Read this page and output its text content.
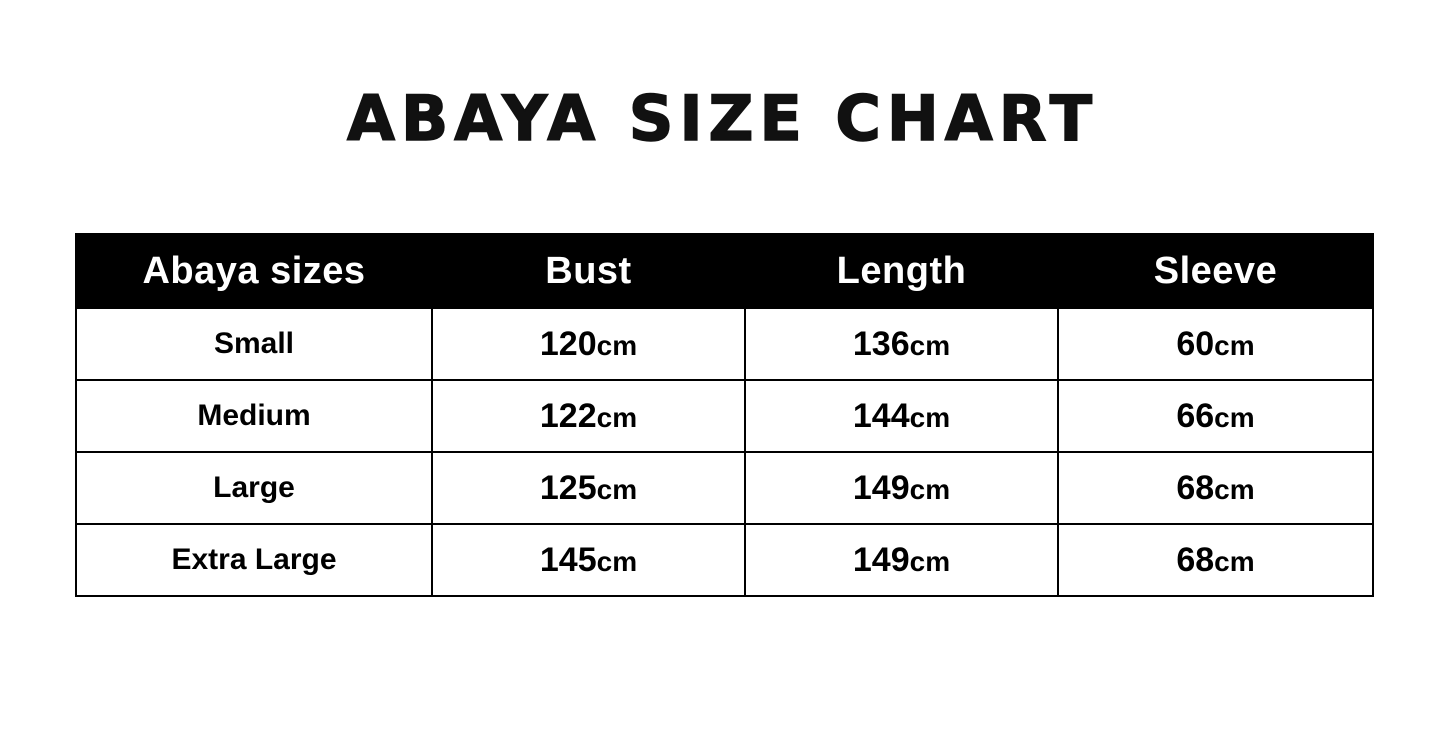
ABAYA SIZE CHART
Abaya sizes	Bust	Length	Sleeve
Small	120cm	136cm	60cm
Medium	122cm	144cm	66cm
Large	125cm	149cm	68cm
Extra Large	145cm	149cm	68cm
